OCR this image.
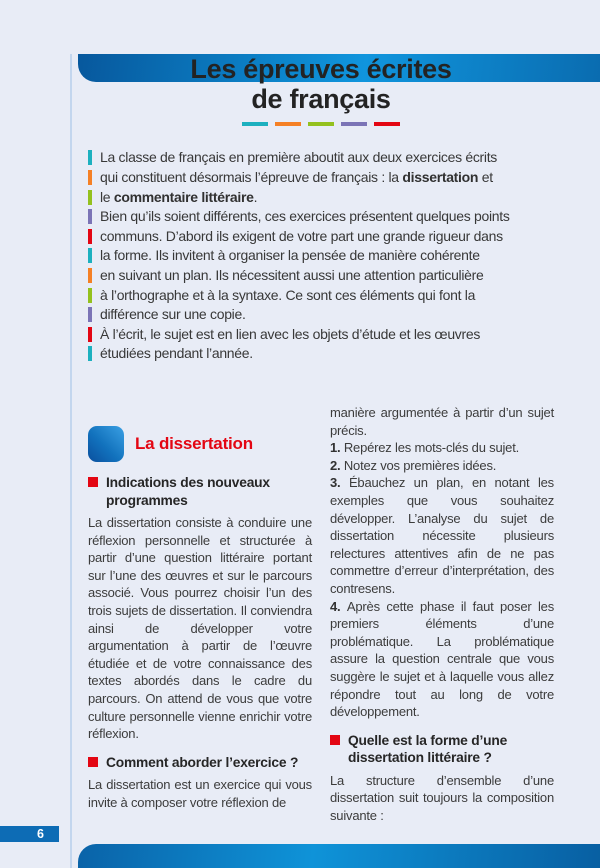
Les épreuves écrites
de français
La classe de français en première aboutit aux deux exercices écrits
qui constituent désormais l’épreuve de français : la dissertation et
le commentaire littéraire.
Bien qu’ils soient différents, ces exercices présentent quelques points
communs. D’abord ils exigent de votre part une grande rigueur dans
la forme. Ils invitent à organiser la pensée de manière cohérente
en suivant un plan. Ils nécessitent aussi une attention particulière
à l’orthographe et à la syntaxe. Ce sont ces éléments qui font la
différence sur une copie.
À l’écrit, le sujet est en lien avec les objets d’étude et les œuvres
étudiées pendant l’année.
La dissertation
Indications des nouveaux programmes

La dissertation consiste à conduire une réflexion personnelle et structurée à partir d’une question littéraire portant sur l’une des œuvres et sur le parcours associé. Vous pourrez choisir l’un des trois sujets de dissertation. Il conviendra ainsi de développer votre argumentation à partir de l’œuvre étudiée et de votre connaissance des textes abordés dans le cadre du parcours. On attend de vous que votre culture personnelle vienne enrichir votre réflexion.

Comment aborder l’exercice ?

La dissertation est un exercice qui vous invite à composer votre réflexion de

manière argumentée à partir d’un sujet précis.

1. Repérez les mots-clés du sujet.

2. Notez vos premières idées.

3. Ébauchez un plan, en notant les exemples que vous souhaitez développer. L’analyse du sujet de dissertation nécessite plusieurs relectures attentives afin de ne pas commettre d’erreur d’interprétation, des contresens.

4. Après cette phase il faut poser les premiers éléments d’une problématique. La problématique assure la question centrale que vous suggère le sujet et à laquelle vous allez répondre tout au long de votre développement.

Quelle est la forme d’une dissertation littéraire ?

La structure d’ensemble d’une dissertation suit toujours la composition suivante :

6
